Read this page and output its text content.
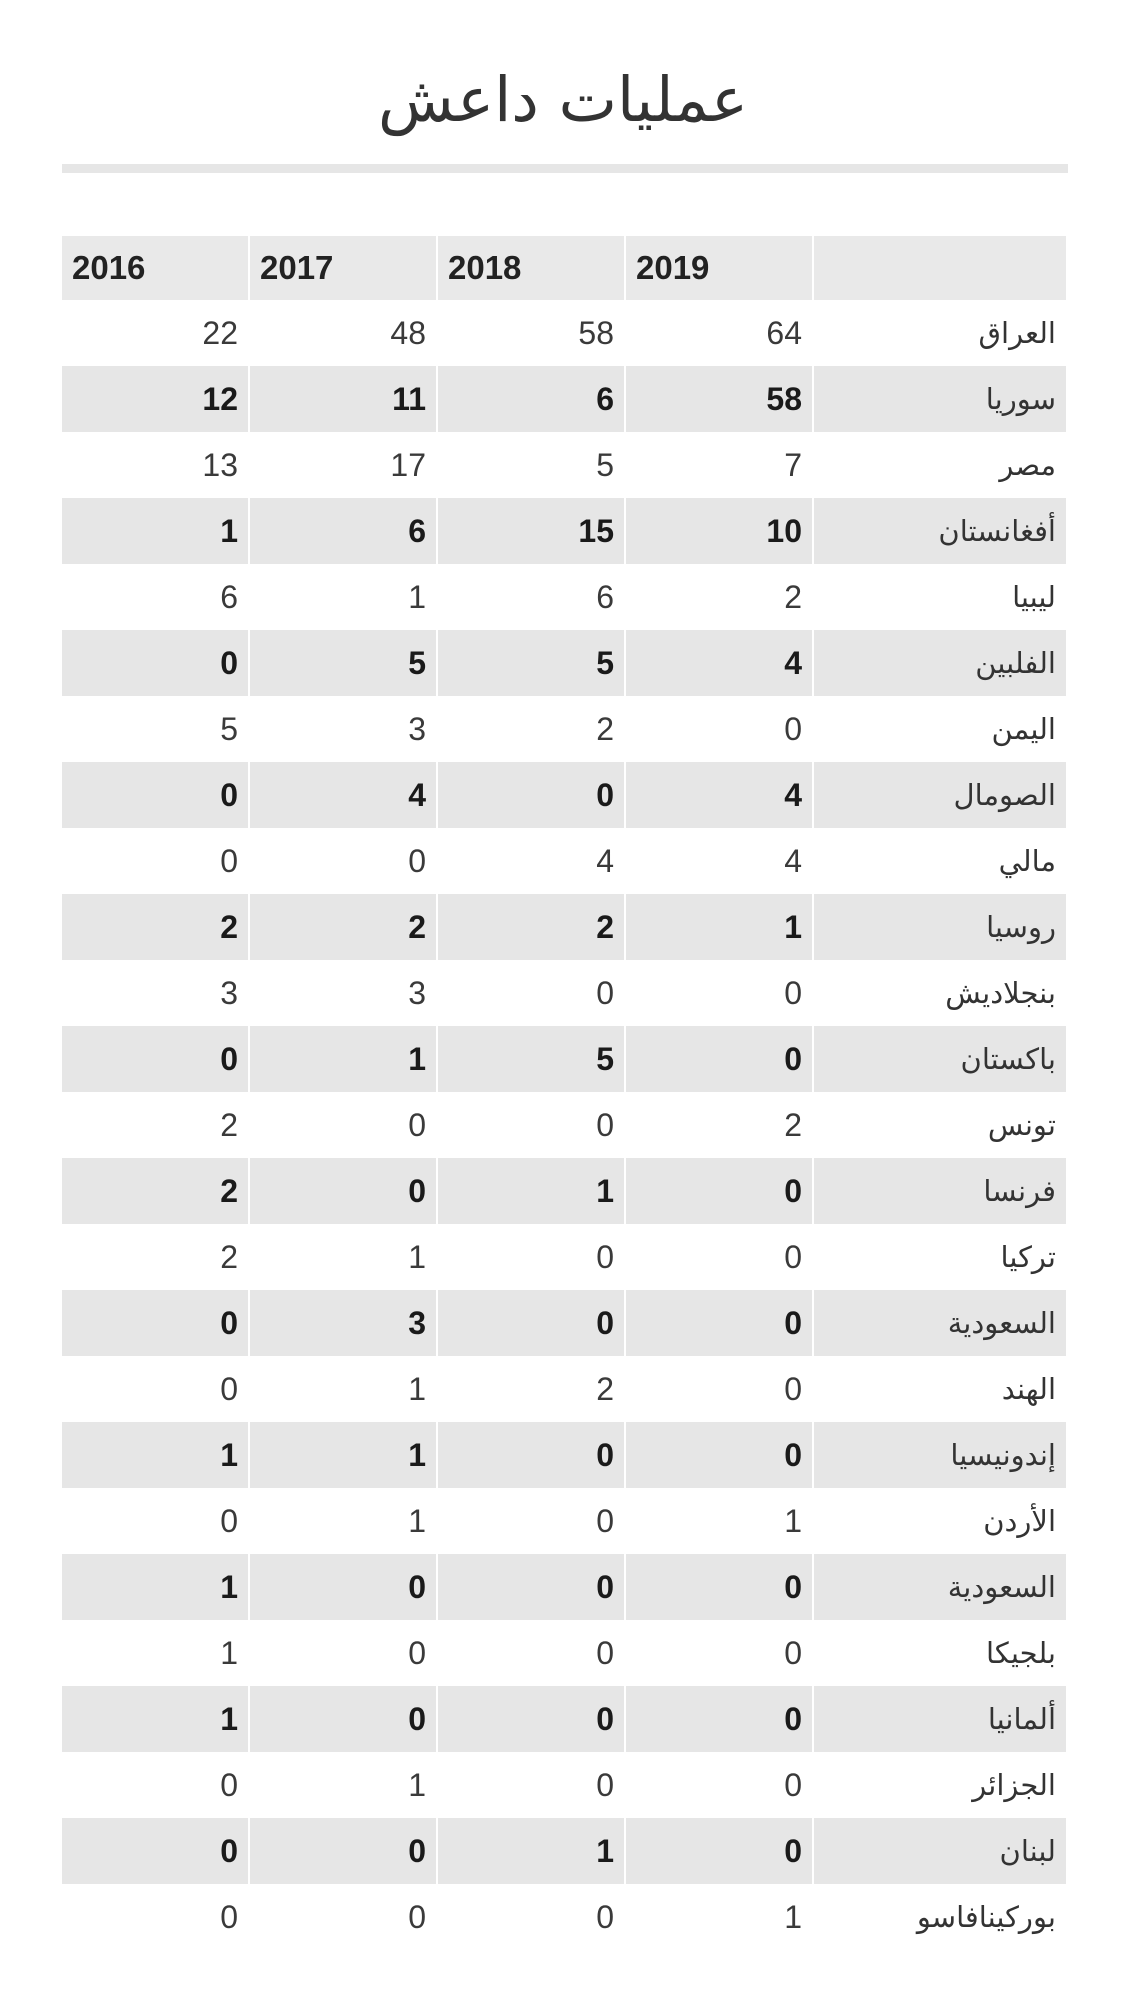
عمليات داعش
2016	2017	2018	2019
22	48	58	64	العراق
12	11	6	58	سوريا
13	17	5	7	مصر
1	6	15	10	أفغانستان
6	1	6	2	ليبيا
0	5	5	4	الفلبين
5	3	2	0	اليمن
0	4	0	4	الصومال
0	0	4	4	مالي
2	2	2	1	روسيا
3	3	0	0	بنجلاديش
0	1	5	0	باكستان
2	0	0	2	تونس
2	0	1	0	فرنسا
2	1	0	0	تركيا
0	3	0	0	السعودية
0	1	2	0	الهند
1	1	0	0	إندونيسيا
0	1	0	1	الأردن
1	0	0	0	السعودية
1	0	0	0	بلجيكا
1	0	0	0	ألمانيا
0	1	0	0	الجزائر
0	0	1	0	لبنان
0	0	0	1	بوركينافاسو
